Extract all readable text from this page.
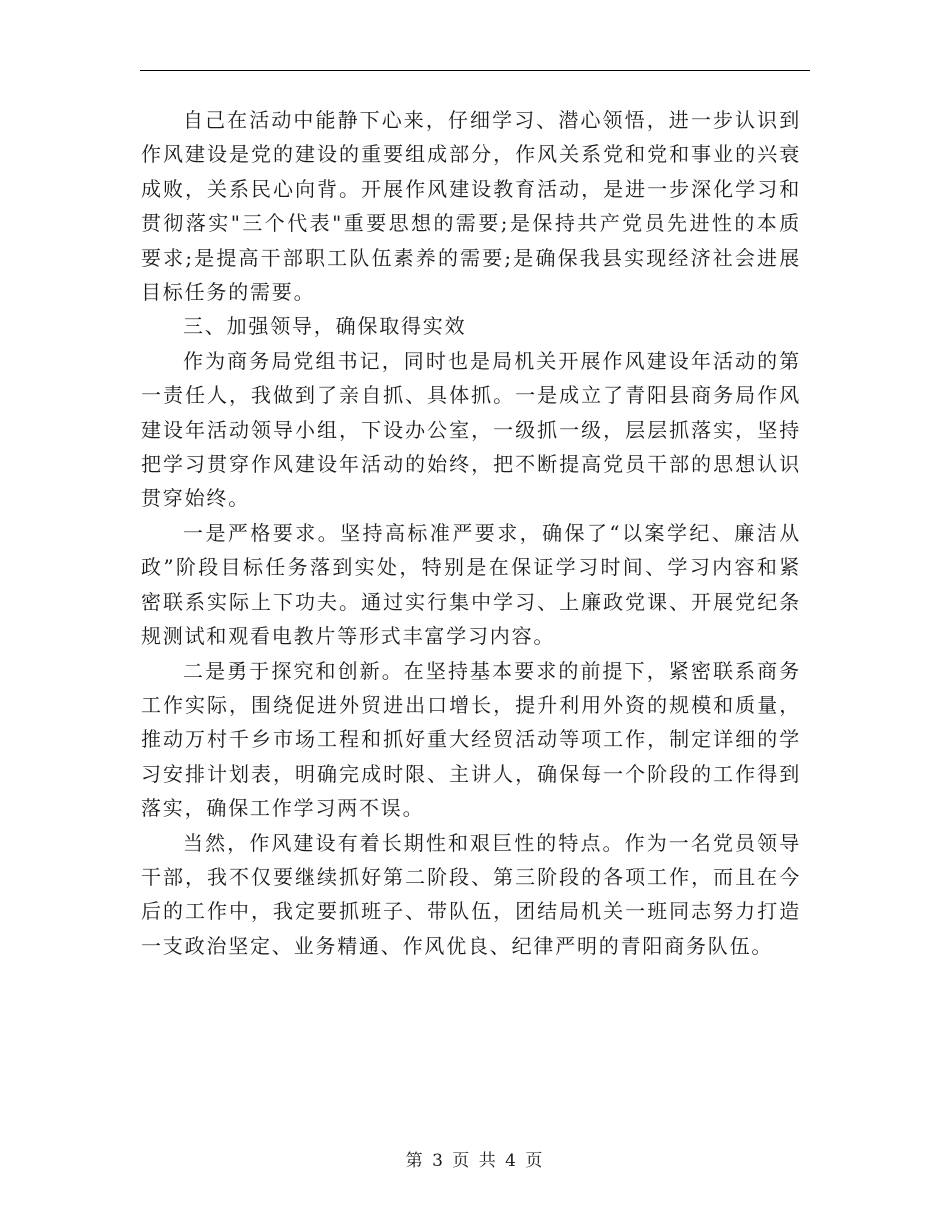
自己在活动中能静下心来，仔细学习、潜心领悟，进一步认识到作风建设是党的建设的重要组成部分，作风关系党和党和事业的兴衰成败，关系民心向背。开展作风建设教育活动，是进一步深化学习和贯彻落实"三个代表"重要思想的需要;是保持共产党员先进性的本质要求;是提高干部职工队伍素养的需要;是确保我县实现经济社会进展目标任务的需要。

三、加强领导，确保取得实效

作为商务局党组书记，同时也是局机关开展作风建设年活动的第一责任人，我做到了亲自抓、具体抓。一是成立了青阳县商务局作风建设年活动领导小组，下设办公室，一级抓一级，层层抓落实，坚持把学习贯穿作风建设年活动的始终，把不断提高党员干部的思想认识贯穿始终。

一是严格要求。坚持高标准严要求，确保了“以案学纪、廉洁从政”阶段目标任务落到实处，特别是在保证学习时间、学习内容和紧密联系实际上下功夫。通过实行集中学习、上廉政党课、开展党纪条规测试和观看电教片等形式丰富学习内容。

二是勇于探究和创新。在坚持基本要求的前提下，紧密联系商务工作实际，围绕促进外贸进出口增长，提升利用外资的规模和质量，推动万村千乡市场工程和抓好重大经贸活动等项工作，制定详细的学习安排计划表，明确完成时限、主讲人，确保每一个阶段的工作得到落实，确保工作学习两不误。

当然，作风建设有着长期性和艰巨性的特点。作为一名党员领导干部，我不仅要继续抓好第二阶段、第三阶段的各项工作，而且在今后的工作中，我定要抓班子、带队伍，团结局机关一班同志努力打造一支政治坚定、业务精通、作风优良、纪律严明的青阳商务队伍。

第 3 页 共 4 页
